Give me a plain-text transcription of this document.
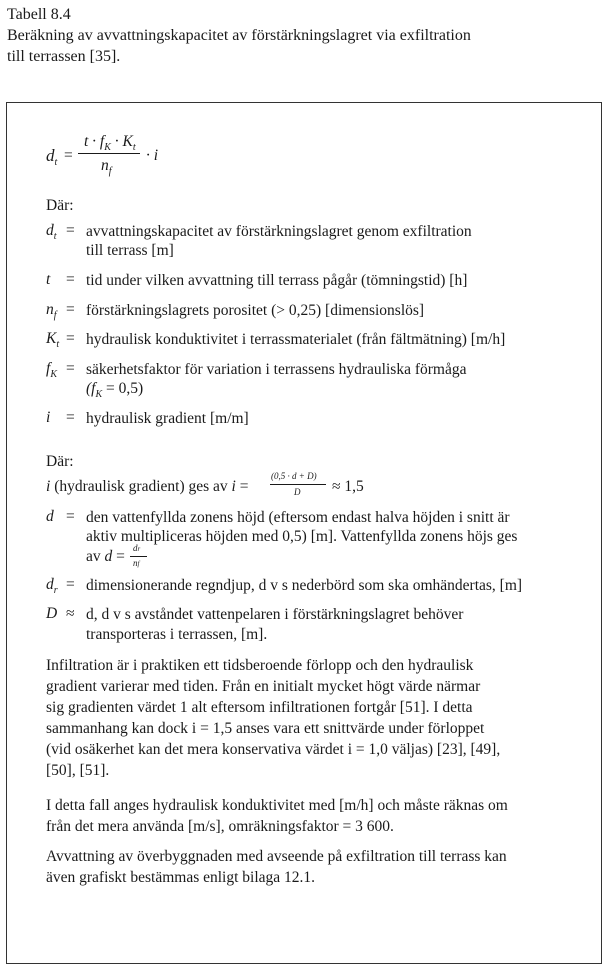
Tabell 8.4
Beräkning av avvattningskapacitet av förstärkningslagret via exfiltration
till terrassen [35].
$d_t$ =
$t \cdot f_K \cdot K_t$
$n_f$
· i
Där:
$d_t$ = avvattningskapacitet av förstärkningslagret genom exfiltration
till terrass [m]
t = tid under vilken avvattning till terrass pågår (tömningstid) [h]
$n_f$ = förstärkningslagrets porositet (> 0,25) [dimensionslös]
$K_t$ = hydraulisk konduktivitet i terrassmaterialet (från fältmätning) [m/h]
$f_K$ = säkerhetsfaktor för variation i terrassens hydrauliska förmåga
$(f_K = 0,5)$
i = hydraulisk gradient [m/m]
Där:
i (hydraulisk gradient) ges av i =
(0,5 · d + D)
D ≈ 1,5
d = den vattenfyllda zonens höjd (eftersom endast halva höjden i snitt är
aktiv multipliceras höjden med 0,5) [m]. Vattenfyllda zonens höjs ges
av d = dr
nf
$d_r$ = dimensionerande regndjup, d v s nederbörd som ska omhändertas, [m]
D ≈ d, d v s avståndet vattenpelaren i förstärkningslagret behöver
transporteras i terrassen, [m].
Infiltration är i praktiken ett tidsberoende förlopp och den hydraulisk
gradient varierar med tiden. Från en initialt mycket högt värde närmar
sig gradienten värdet 1 alt eftersom infiltrationen fortgår [51]. I detta
sammanhang kan dock i = 1,5 anses vara ett snittvärde under förloppet
(vid osäkerhet kan det mera konservativa värdet i = 1,0 väljas) [23], [49],
[50], [51].
I detta fall anges hydraulisk konduktivitet med [m/h] och måste räknas om
från det mera använda [m/s], omräkningsfaktor = 3 600.
Avvattning av överbyggnaden med avseende på exfiltration till terrass kan
även grafiskt bestämmas enligt bilaga 12.1.
